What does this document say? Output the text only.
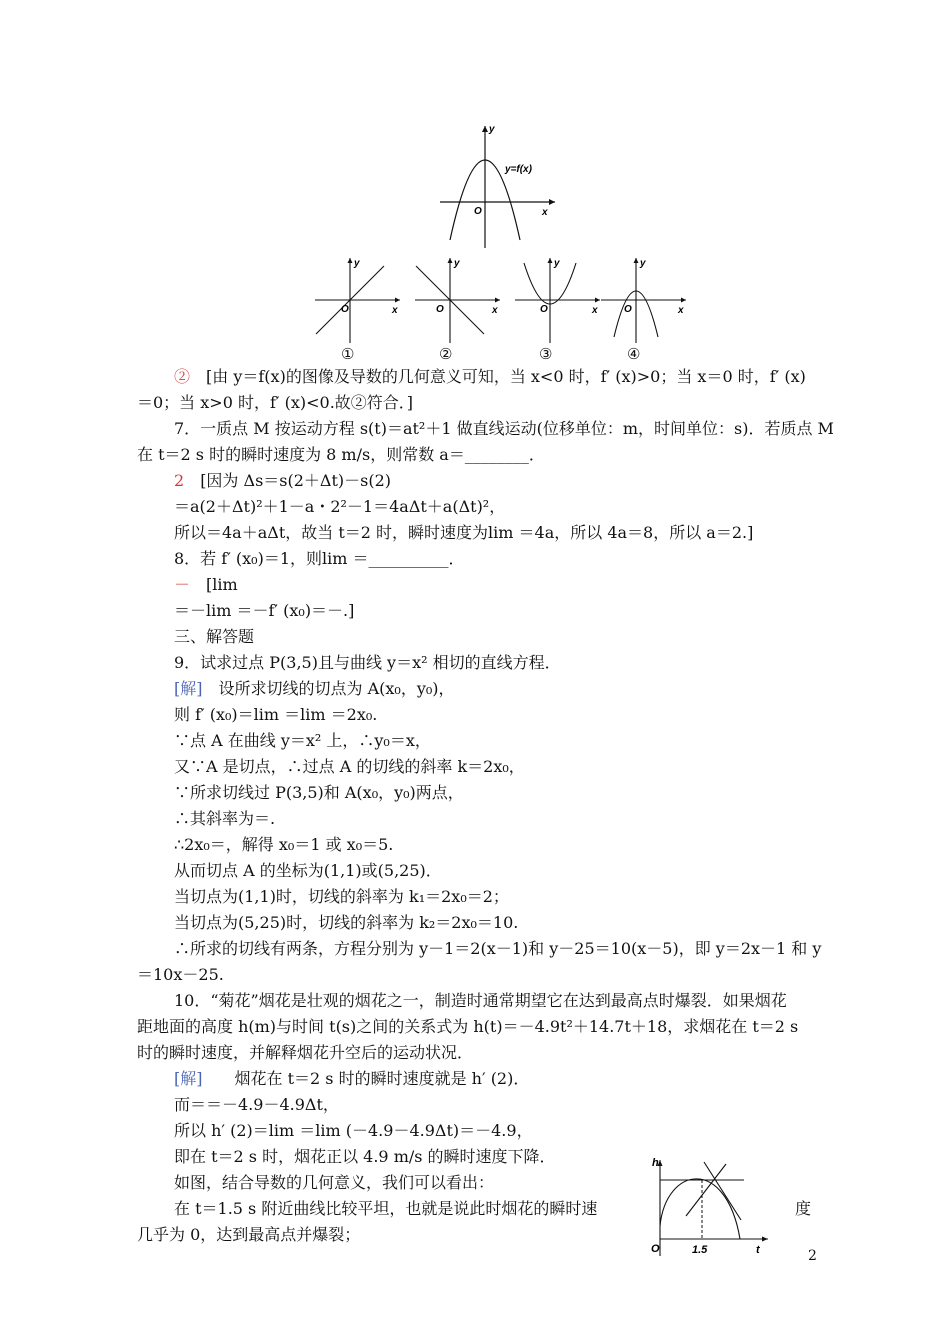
y
x
O
y=f(x)
y
x
O
①
y
x
O
②
y
x
O
③
y
x
O
④
②　[由 y＝f(x)的图像及导数的几何意义可知，当 x<0 时，f′ (x)>0；当 x＝0 时，f′ (x)
＝0；当 x>0 时，f′ (x)<0.故②符合．]
7．一质点 M 按运动方程 s(t)＝at²＋1 做直线运动(位移单位：m，时间单位：s)．若质点 M
在 t＝2 s 时的瞬时速度为 8 m/s，则常数 a＝________．
2　[因为 Δs＝s(2＋Δt)－s(2)
＝a(2＋Δt)²＋1－a・2²－1＝4aΔt＋a(Δt)²，
所以＝4a＋aΔt，故当 t＝2 时，瞬时速度为lim ＝4a，所以 4a＝8，所以 a＝2.]
8．若 f′ (x₀)＝1，则lim ＝__________．
－　[lim
＝－lim ＝－f′ (x₀)＝－.]
三、解答题
9．试求过点 P(3,5)且与曲线 y＝x² 相切的直线方程．
[解]　设所求切线的切点为 A(x₀，y₀)，
则 f′ (x₀)＝lim ＝lim ＝2x₀.
∵点 A 在曲线 y＝x² 上，∴y₀＝x，
又∵A 是切点，∴过点 A 的切线的斜率 k＝2x₀，
∵所求切线过 P(3,5)和 A(x₀，y₀)两点，
∴其斜率为＝.
∴2x₀＝，解得 x₀＝1 或 x₀＝5.
从而切点 A 的坐标为(1,1)或(5,25)．
当切点为(1,1)时，切线的斜率为 k₁＝2x₀＝2；
当切点为(5,25)时，切线的斜率为 k₂＝2x₀＝10.
∴所求的切线有两条，方程分别为 y－1＝2(x－1)和 y－25＝10(x－5)，即 y＝2x－1 和 y
＝10x－25.
10．“菊花”烟花是壮观的烟花之一，制造时通常期望它在达到最高点时爆裂．如果烟花
距地面的高度 h(m)与时间 t(s)之间的关系式为 h(t)＝－4.9t²＋14.7t＋18，求烟花在 t＝2 s
时的瞬时速度，并解释烟花升空后的运动状况．
[解]　　烟花在 t＝2 s 时的瞬时速度就是 h′ (2)．
而＝＝－4.9－4.9Δt，
所以 h′ (2)＝lim ＝lim (－4.9－4.9Δt)＝－4.9，
即在 t＝2 s 时，烟花正以 4.9 m/s 的瞬时速度下降．
如图，结合导数的几何意义，我们可以看出：
在 t＝1.5 s 附近曲线比较平坦，也就是说此时烟花的瞬时速	度
几乎为 0，达到最高点并爆裂；
h
t
O	1.5	2
